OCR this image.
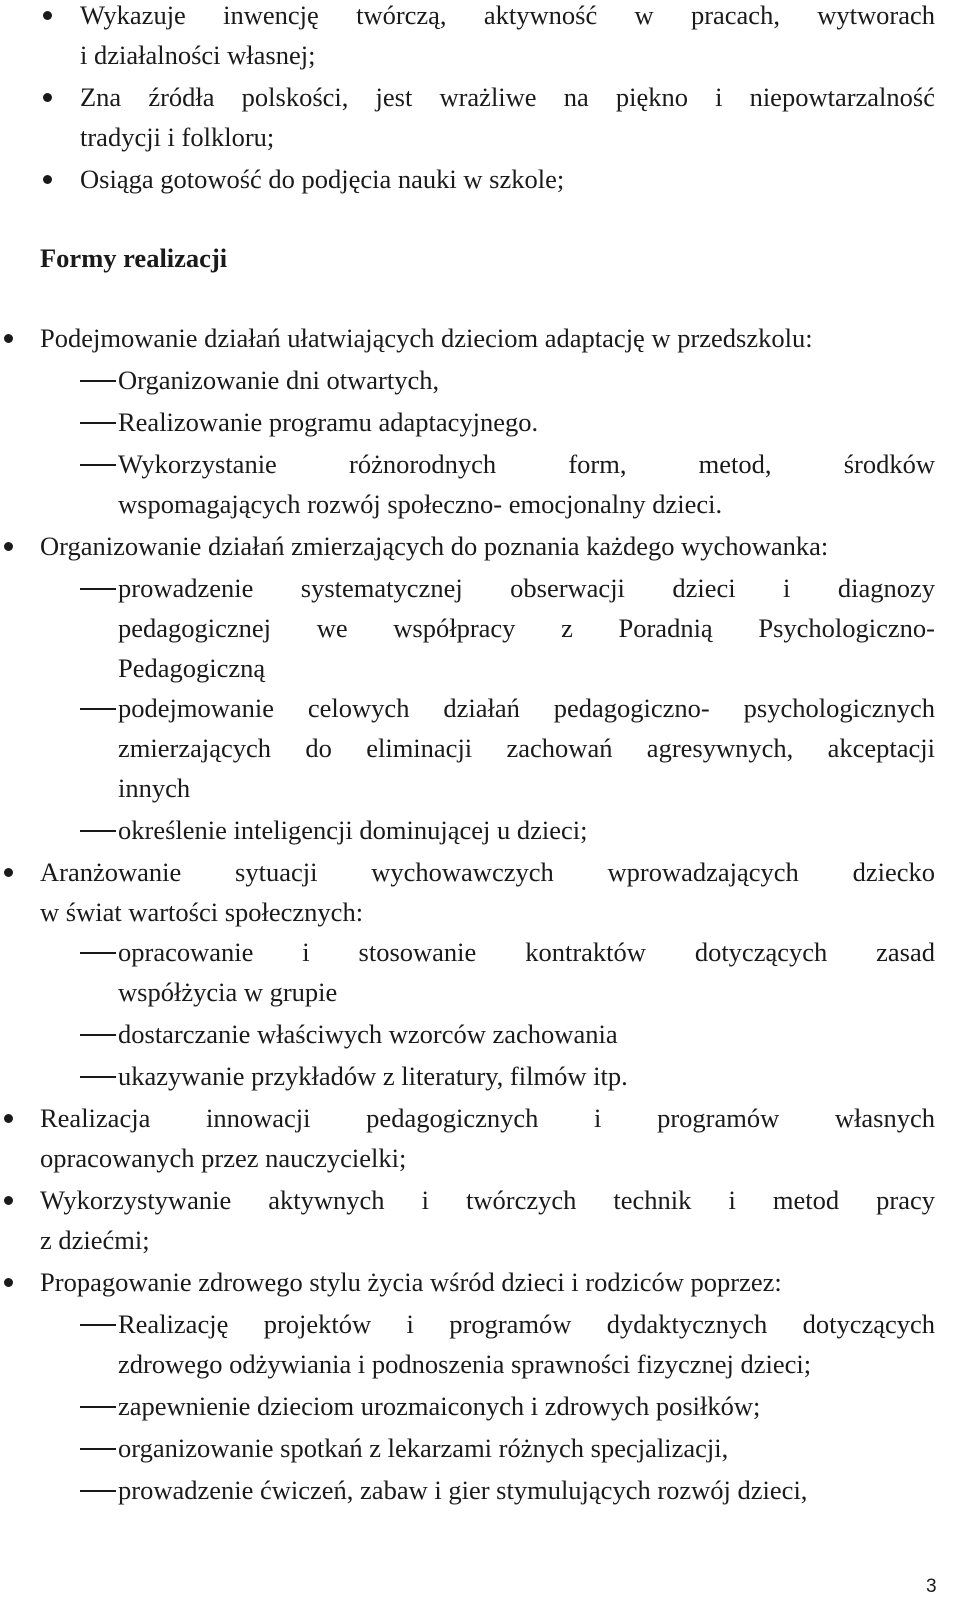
Wykazuje inwencję twórczą, aktywność w pracach, wytworach
i działalności własnej;
Zna źródła polskości, jest wrażliwe na piękno i niepowtarzalność
tradycji i folkloru;
Osiąga gotowość do podjęcia nauki w szkole;
Formy realizacji
Podejmowanie działań ułatwiających dzieciom adaptację w przedszkolu:
Organizowanie dni otwartych,
Realizowanie programu adaptacyjnego.
Wykorzystanie różnorodnych form, metod, środków
wspomagających rozwój społeczno- emocjonalny dzieci.
Organizowanie działań zmierzających do poznania każdego wychowanka:
prowadzenie systematycznej obserwacji dzieci i diagnozy
pedagogicznej we współpracy z Poradnią Psychologiczno-
Pedagogiczną
podejmowanie celowych działań pedagogiczno- psychologicznych
zmierzających do eliminacji zachowań agresywnych, akceptacji
innych
określenie inteligencji dominującej u dzieci;
Aranżowanie sytuacji wychowawczych wprowadzających dziecko
w świat wartości społecznych:
opracowanie i stosowanie kontraktów dotyczących zasad
współżycia w grupie
dostarczanie właściwych wzorców zachowania
ukazywanie przykładów z literatury, filmów itp.
Realizacja innowacji pedagogicznych i programów własnych
opracowanych przez nauczycielki;
Wykorzystywanie aktywnych i twórczych technik i metod pracy
z dziećmi;
Propagowanie zdrowego stylu życia wśród dzieci i rodziców poprzez:
Realizację projektów i programów dydaktycznych dotyczących
zdrowego odżywiania i podnoszenia sprawności fizycznej dzieci;
zapewnienie dzieciom urozmaiconych i zdrowych posiłków;
organizowanie spotkań z lekarzami różnych specjalizacji,
prowadzenie ćwiczeń, zabaw i gier stymulujących rozwój dzieci,
3
